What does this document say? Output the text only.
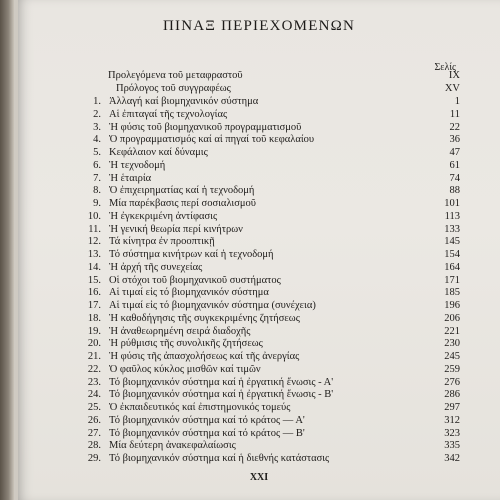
ΠΙΝΑΞ ΠΕΡΙΕΧΟΜΕΝΩΝ
Σελίς
Προλεγόμενα τοῦ μεταφραστοῦ	IX
Πρόλογος τοῦ συγγραφέως	XV
1. Ἀλλαγή καί βιομηχανικόν σύστημα	1
2. Αἱ ἐπιταγαί τῆς τεχνολογίας	11
3. Ἡ φύσις τοῦ βιομηχανικοῦ προγραμματισμοῦ	22
4. Ὁ προγραμματισμός καί αἱ πηγαί τοῦ κεφαλαίου	36
5. Κεφάλαιον καί δύναμις	47
6. Ἡ τεχνοδομή	61
7. Ἡ ἑταιρία	74
8. Ὁ ἐπιχειρηματίας καί ἡ τεχνοδομή	88
9. Μία παρέκβασις περί σοσιαλισμοῦ	101
10. Ἡ ἐγκεκριμένη ἀντίφασις	113
11. Ἡ γενική θεωρία περί κινήτρων	133
12. Τά κίνητρα ἐν προοπτικῇ	145
13. Τό σύστημα κινήτρων καί ἡ τεχνοδομή	154
14. Ἡ ἀρχή τῆς συνεχείας	164
15. Οἱ στόχοι τοῦ βιομηχανικοῦ συστήματος	171
16. Αἱ τιμαί εἰς τό βιομηχανικόν σύστημα	185
17. Αἱ τιμαί εἰς τό βιομηχανικόν σύστημα (συνέχεια)	196
18. Ἡ καθοδήγησις τῆς συγκεκριμένης ζητήσεως	206
19. Ἡ ἀναθεωρημένη σειρά διαδοχῆς	221
20. Ἡ ρύθμισις τῆς συνολικῆς ζητήσεως	230
21. Ἡ φύσις τῆς ἀπασχολήσεως καί τῆς ἀνεργίας	245
22. Ὁ φαῦλος κύκλος μισθῶν καί τιμῶν	259
23. Τό βιομηχανικόν σύστημα καί ἡ ἐργατική ἕνωσις - Α'	276
24. Τό βιομηχανικόν σύστημα καί ἡ ἐργατική ἕνωσις - Β'	286
25. Ὁ ἐκπαιδευτικός καί ἐπιστημονικός τομεύς	297
26. Τό βιομηχανικόν σύστημα καί τό κράτος — Α'	312
27. Τό βιομηχανικόν σύστημα καί τό κράτος — Β'	323
28. Μία δεύτερη ἀνακεφαλαίωσις	335
29. Τό βιομηχανικόν σύστημα καί ἡ διεθνής κατάστασις	342
XXI
